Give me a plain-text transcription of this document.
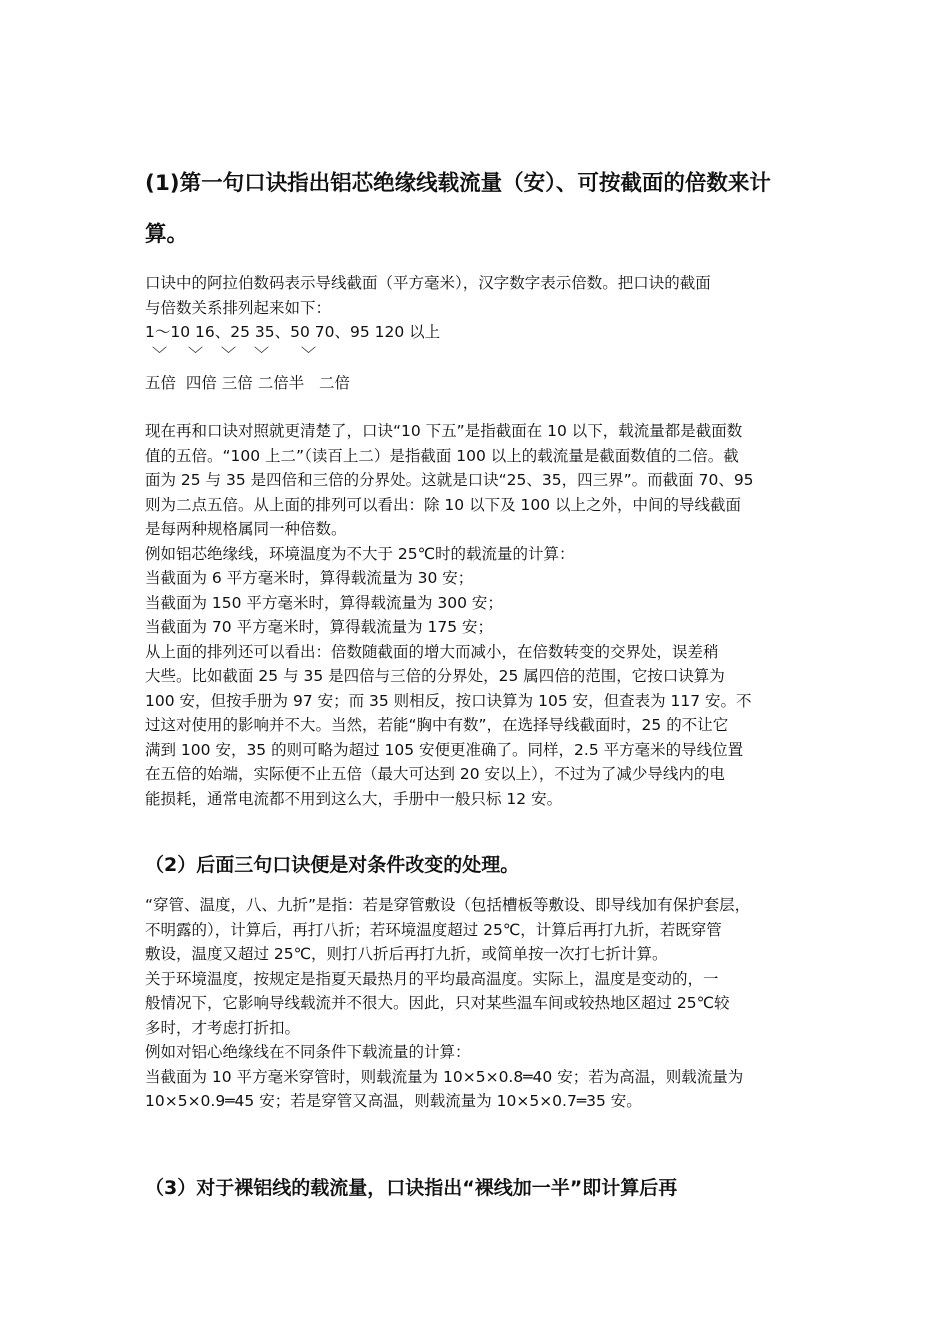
(1)第一句口诀指出铝芯绝缘线载流量（安）、可按截面的倍数来计
算。
口诀中的阿拉伯数码表示导线截面（平方毫米），汉字数字表示倍数。把口诀的截面
与倍数关系排列起来如下：
1～10 16、25 35、50 70、95 120 以上
﹀ ﹀ ﹀ ﹀ ﹀
五倍  四倍 三倍 二倍半   二倍
现在再和口诀对照就更清楚了，口诀“10 下五”是指截面在 10 以下，载流量都是截面数
值的五倍。“100 上二”（读百上二）是指截面 100 以上的载流量是截面数值的二倍。截
面为 25 与 35 是四倍和三倍的分界处。这就是口诀“25、35，四三界”。而截面 70、95
则为二点五倍。从上面的排列可以看出：除 10 以下及 100 以上之外，中间的导线截面
是每两种规格属同一种倍数。
例如铝芯绝缘线，环境温度为不大于 25℃时的载流量的计算：
当截面为 6 平方毫米时，算得载流量为 30 安；
当截面为 150 平方毫米时，算得载流量为 300 安；
当截面为 70 平方毫米时，算得载流量为 175 安；
从上面的排列还可以看出：倍数随截面的增大而减小，在倍数转变的交界处，误差稍
大些。比如截面 25 与 35 是四倍与三倍的分界处，25 属四倍的范围，它按口诀算为
100 安，但按手册为 97 安；而 35 则相反，按口诀算为 105 安，但查表为 117 安。不
过这对使用的影响并不大。当然，若能“胸中有数”，在选择导线截面时，25 的不让它
满到 100 安，35 的则可略为超过 105 安便更准确了。同样，2.5 平方毫米的导线位置
在五倍的始端，实际便不止五倍（最大可达到 20 安以上），不过为了减少导线内的电
能损耗，通常电流都不用到这么大，手册中一般只标 12 安。
（2）后面三句口诀便是对条件改变的处理。
“穿管、温度，八、九折”是指：若是穿管敷设（包括槽板等敷设、即导线加有保护套层，
不明露的），计算后，再打八折；若环境温度超过 25℃，计算后再打九折，若既穿管
敷设，温度又超过 25℃，则打八折后再打九折，或简单按一次打七折计算。
关于环境温度，按规定是指夏天最热月的平均最高温度。实际上，温度是变动的，一
般情况下，它影响导线载流并不很大。因此，只对某些温车间或较热地区超过 25℃较
多时，才考虑打折扣。
例如对铝心绝缘线在不同条件下载流量的计算：
当截面为 10 平方毫米穿管时，则载流量为 10×5×0.8═40 安；若为高温，则载流量为
10×5×0.9═45 安；若是穿管又高温，则载流量为 10×5×0.7═35 安。
（3）对于裸铝线的载流量，口诀指出“裸线加一半”即计算后再
